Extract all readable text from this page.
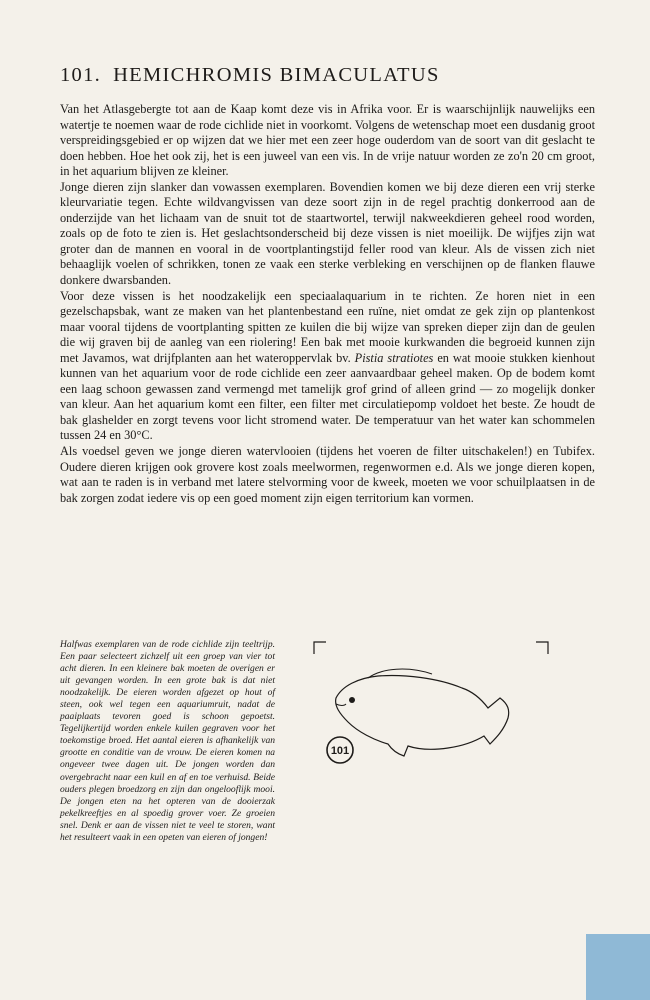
101. HEMICHROMIS BIMACULATUS

Van het Atlasgebergte tot aan de Kaap komt deze vis in Afrika voor. Er is waarschijnlijk nauwelijks een watertje te noemen waar de rode cichlide niet in voorkomt. Volgens de wetenschap moet een dusdanig groot verspreidingsgebied er op wijzen dat we hier met een zeer hoge ouderdom van de soort van dit geslacht te doen hebben. Hoe het ook zij, het is een juweel van een vis. In de vrije natuur worden ze zo'n 20 cm groot, in het aquarium blijven ze kleiner.

Jonge dieren zijn slanker dan vowassen exemplaren. Bovendien komen we bij deze dieren een vrij sterke kleurvariatie tegen. Echte wildvangvissen van deze soort zijn in de regel prachtig donkerrood aan de onderzijde van het lichaam van de snuit tot de staartwortel, terwijl nakweekdieren geheel rood worden, zoals op de foto te zien is. Het geslachtsonderscheid bij deze vissen is niet moeilijk. De wijfjes zijn wat groter dan de mannen en vooral in de voortplantingstijd feller rood van kleur. Als de vissen zich niet behaaglijk voelen of schrikken, tonen ze vaak een sterke verbleking en verschijnen op de flanken flauwe donkere dwarsbanden.

Voor deze vissen is het noodzakelijk een speciaalaquarium in te richten. Ze horen niet in een gezelschapsbak, want ze maken van het plantenbestand een ruïne, niet omdat ze gek zijn op plantenkost maar vooral tijdens de voortplanting spitten ze kuilen die bij wijze van spreken dieper zijn dan de geulen die wij graven bij de aanleg van een riolering! Een bak met mooie kurkwanden die begroeid kunnen zijn met Javamos, wat drijfplanten aan het wateroppervlak bv. Pistia stratiotes en wat mooie stukken kienhout kunnen van het aquarium voor de rode cichlide een zeer aanvaardbaar geheel maken. Op de bodem komt een laag schoon gewassen zand vermengd met tamelijk grof grind of alleen grind — zo mogelijk donker van kleur. Aan het aquarium komt een filter, een filter met circulatiepomp voldoet het beste. Ze houdt de bak glashelder en zorgt tevens voor licht stromend water. De temperatuur van het water kan schommelen tussen 24 en 30°C.

Als voedsel geven we jonge dieren watervlooien (tijdens het voeren de filter uitschakelen!) en Tubifex. Oudere dieren krijgen ook grovere kost zoals meelwormen, regenwormen e.d. Als we jonge dieren kopen, wat aan te raden is in verband met latere stelvorming voor de kweek, moeten we voor schuilplaatsen in de bak zorgen zodat iedere vis op een goed moment zijn eigen territorium kan vormen.

Halfwas exemplaren van de rode cichlide zijn teeltrijp. Een paar selecteert zichzelf uit een groep van vier tot acht dieren. In een kleinere bak moeten de overigen er uit gevangen worden. In een grote bak is dat niet noodzakelijk. De eieren worden afgezet op hout of steen, ook wel tegen een aquariumruit, nadat de paaiplaats tevoren goed is schoon gepoetst. Tegelijkertijd worden enkele kuilen gegraven voor het toekomstige broed. Het aantal eieren is afhankelijk van grootte en conditie van de vrouw. De eieren komen na ongeveer twee dagen uit. De jongen worden dan overgebracht naar een kuil en af en toe verhuisd. Beide ouders plegen broedzorg en zijn dan ongelooflijk mooi. De jongen eten na het opteren van de dooierzak pekelkreeftjes en al spoedig grover voer. Ze groeien snel. Denk er aan de vissen niet te veel te storen, want het resulteert vaak in een opeten van eieren of jongen!

101
